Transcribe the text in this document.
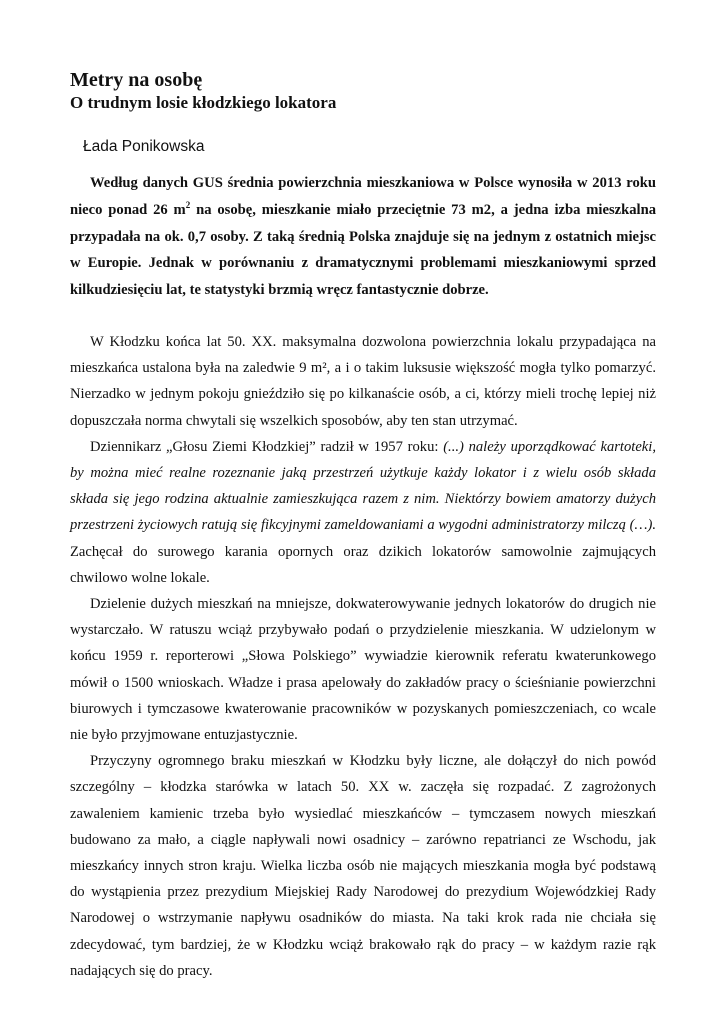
Metry na osobę
O trudnym losie kłodzkiego lokatora
Łada Ponikowska

Według danych GUS średnia powierzchnia mieszkaniowa w Polsce wynosiła w 2013 roku nieco ponad 26 $m^2$ na osobę, mieszkanie miało przeciętnie 73 m2, a jedna izba mieszkalna przypadała na ok. 0,7 osoby. Z taką średnią Polska znajduje się na jednym z ostatnich miejsc w Europie. Jednak w porównaniu z dramatycznymi problemami mieszkaniowymi sprzed kilkudziesięciu lat, te statystyki brzmią wręcz fantastycznie dobrze.

W Kłodzku końca lat 50. XX. maksymalna dozwolona powierzchnia lokalu przypadająca na mieszkańca ustalona była na zaledwie 9 m², a i o takim luksusie większość mogła tylko pomarzyć. Nierzadko w jednym pokoju gnieździło się po kilkanaście osób, a ci, którzy mieli trochę lepiej niż dopuszczała norma chwytali się wszelkich sposobów, aby ten stan utrzymać.

Dziennikarz „Głosu Ziemi Kłodzkiej” radził w 1957 roku: (...) należy uporządkować kartoteki, by można mieć realne rozeznanie jaką przestrzeń użytkuje każdy lokator i z wielu osób składa składa się jego rodzina aktualnie zamieszkująca razem z nim. Niektórzy bowiem amatorzy dużych przestrzeni życiowych ratują się fikcyjnymi zameldowaniami a wygodni administratorzy milczą (…). Zachęcał do surowego karania opornych oraz dzikich lokatorów samowolnie zajmujących chwilowo wolne lokale.

Dzielenie dużych mieszkań na mniejsze, dokwaterowywanie jednych lokatorów do drugich nie wystarczało. W ratuszu wciąż przybywało podań o przydzielenie mieszkania. W udzielonym w końcu 1959 r. reporterowi „Słowa Polskiego” wywiadzie kierownik referatu kwaterunkowego mówił o 1500 wnioskach. Władze i prasa apelowały do zakładów pracy o ścieśnianie powierzchni biurowych i tymczasowe kwaterowanie pracowników w pozyskanych pomieszczeniach, co wcale nie było przyjmowane entuzjastycznie.

Przyczyny ogromnego braku mieszkań w Kłodzku były liczne, ale dołączył do nich powód szczególny – kłodzka starówka w latach 50. XX w. zaczęła się rozpadać. Z zagrożonych zawaleniem kamienic trzeba było wysiedlać mieszkańców – tymczasem nowych mieszkań budowano za mało, a ciągle napływali nowi osadnicy – zarówno repatrianci ze Wschodu, jak mieszkańcy innych stron kraju. Wielka liczba osób nie mających mieszkania mogła być podstawą do wystąpienia przez prezydium Miejskiej Rady Narodowej do prezydium Wojewódzkiej Rady Narodowej o wstrzymanie napływu osadników do miasta. Na taki krok rada nie chciała się zdecydować, tym bardziej, że w Kłodzku wciąż brakowało rąk do pracy – w każdym razie rąk nadających się do pracy.
